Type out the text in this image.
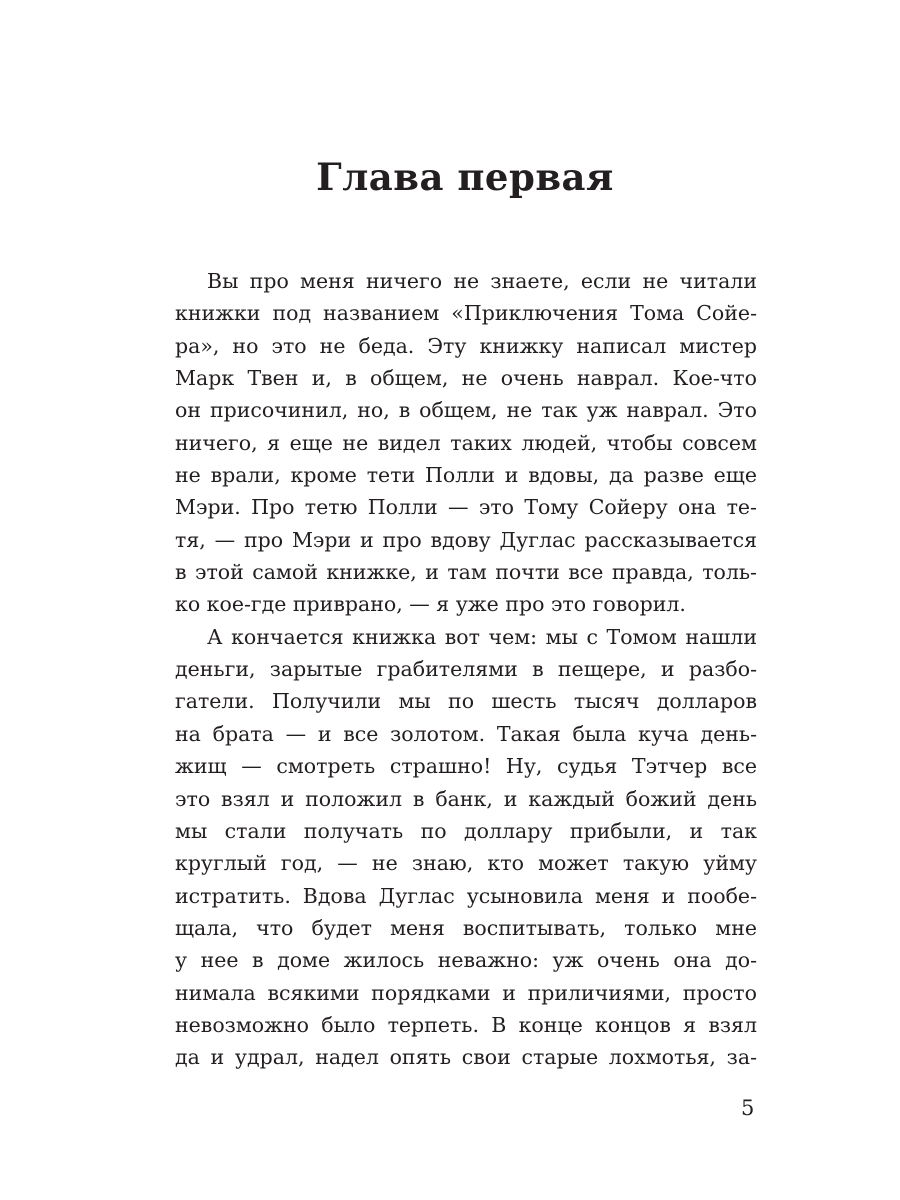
Глава первая
Вы про меня ничего не знаете, если не читали
книжки под названием «Приключения Тома Сойе-
ра», но это не беда. Эту книжку написал мистер
Марк Твен и, в общем, не очень наврал. Кое-что
он присочинил, но, в общем, не так уж наврал. Это
ничего, я еще не видел таких людей, чтобы совсем
не врали, кроме тети Полли и вдовы, да разве еще
Мэри. Про тетю Полли — это Тому Сойеру она те-
тя, — про Мэри и про вдову Дуглас рассказывается
в этой самой книжке, и там почти все правда, толь-
ко кое-где приврано, — я уже про это говорил.
А кончается книжка вот чем: мы с Томом нашли
деньги, зарытые грабителями в пещере, и разбо-
гатели. Получили мы по шесть тысяч долларов
на брата — и все золотом. Такая была куча день-
жищ — смотреть страшно! Ну, судья Тэтчер все
это взял и положил в банк, и каждый божий день
мы стали получать по доллару прибыли, и так
круглый год, — не знаю, кто может такую уйму
истратить. Вдова Дуглас усыновила меня и пообе-
щала, что будет меня воспитывать, только мне
у нее в доме жилось неважно: уж очень она до-
нимала всякими порядками и приличиями, просто
невозможно было терпеть. В конце концов я взял
да и удрал, надел опять свои старые лохмотья, за-
5
